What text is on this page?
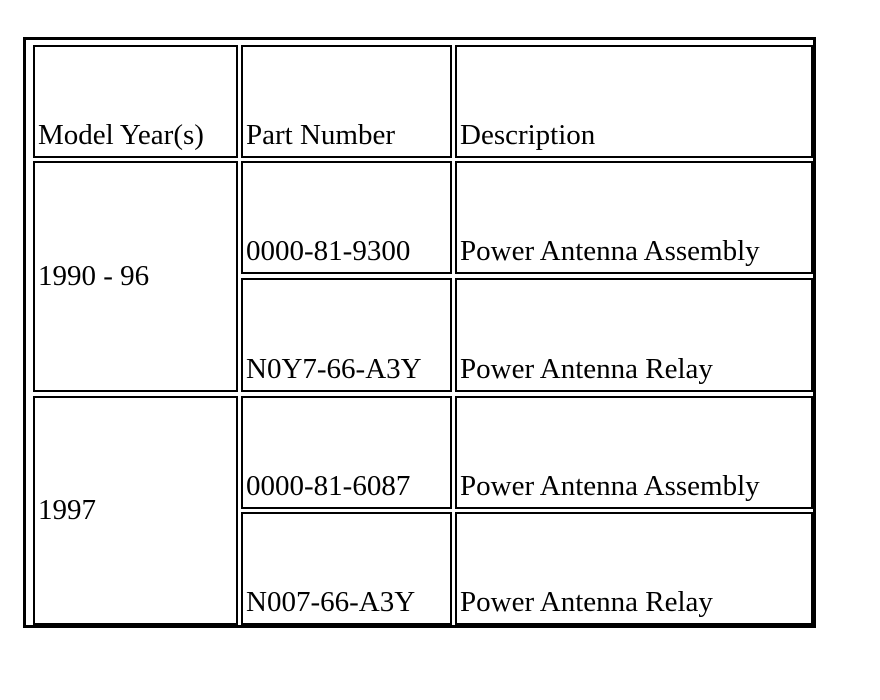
Model Year(s)	Part Number	Description
1990 - 96
0000-81-9300	Power Antenna Assembly
N0Y7-66-A3Y	Power Antenna Relay
1997
0000-81-6087	Power Antenna Assembly
N007-66-A3Y	Power Antenna Relay
